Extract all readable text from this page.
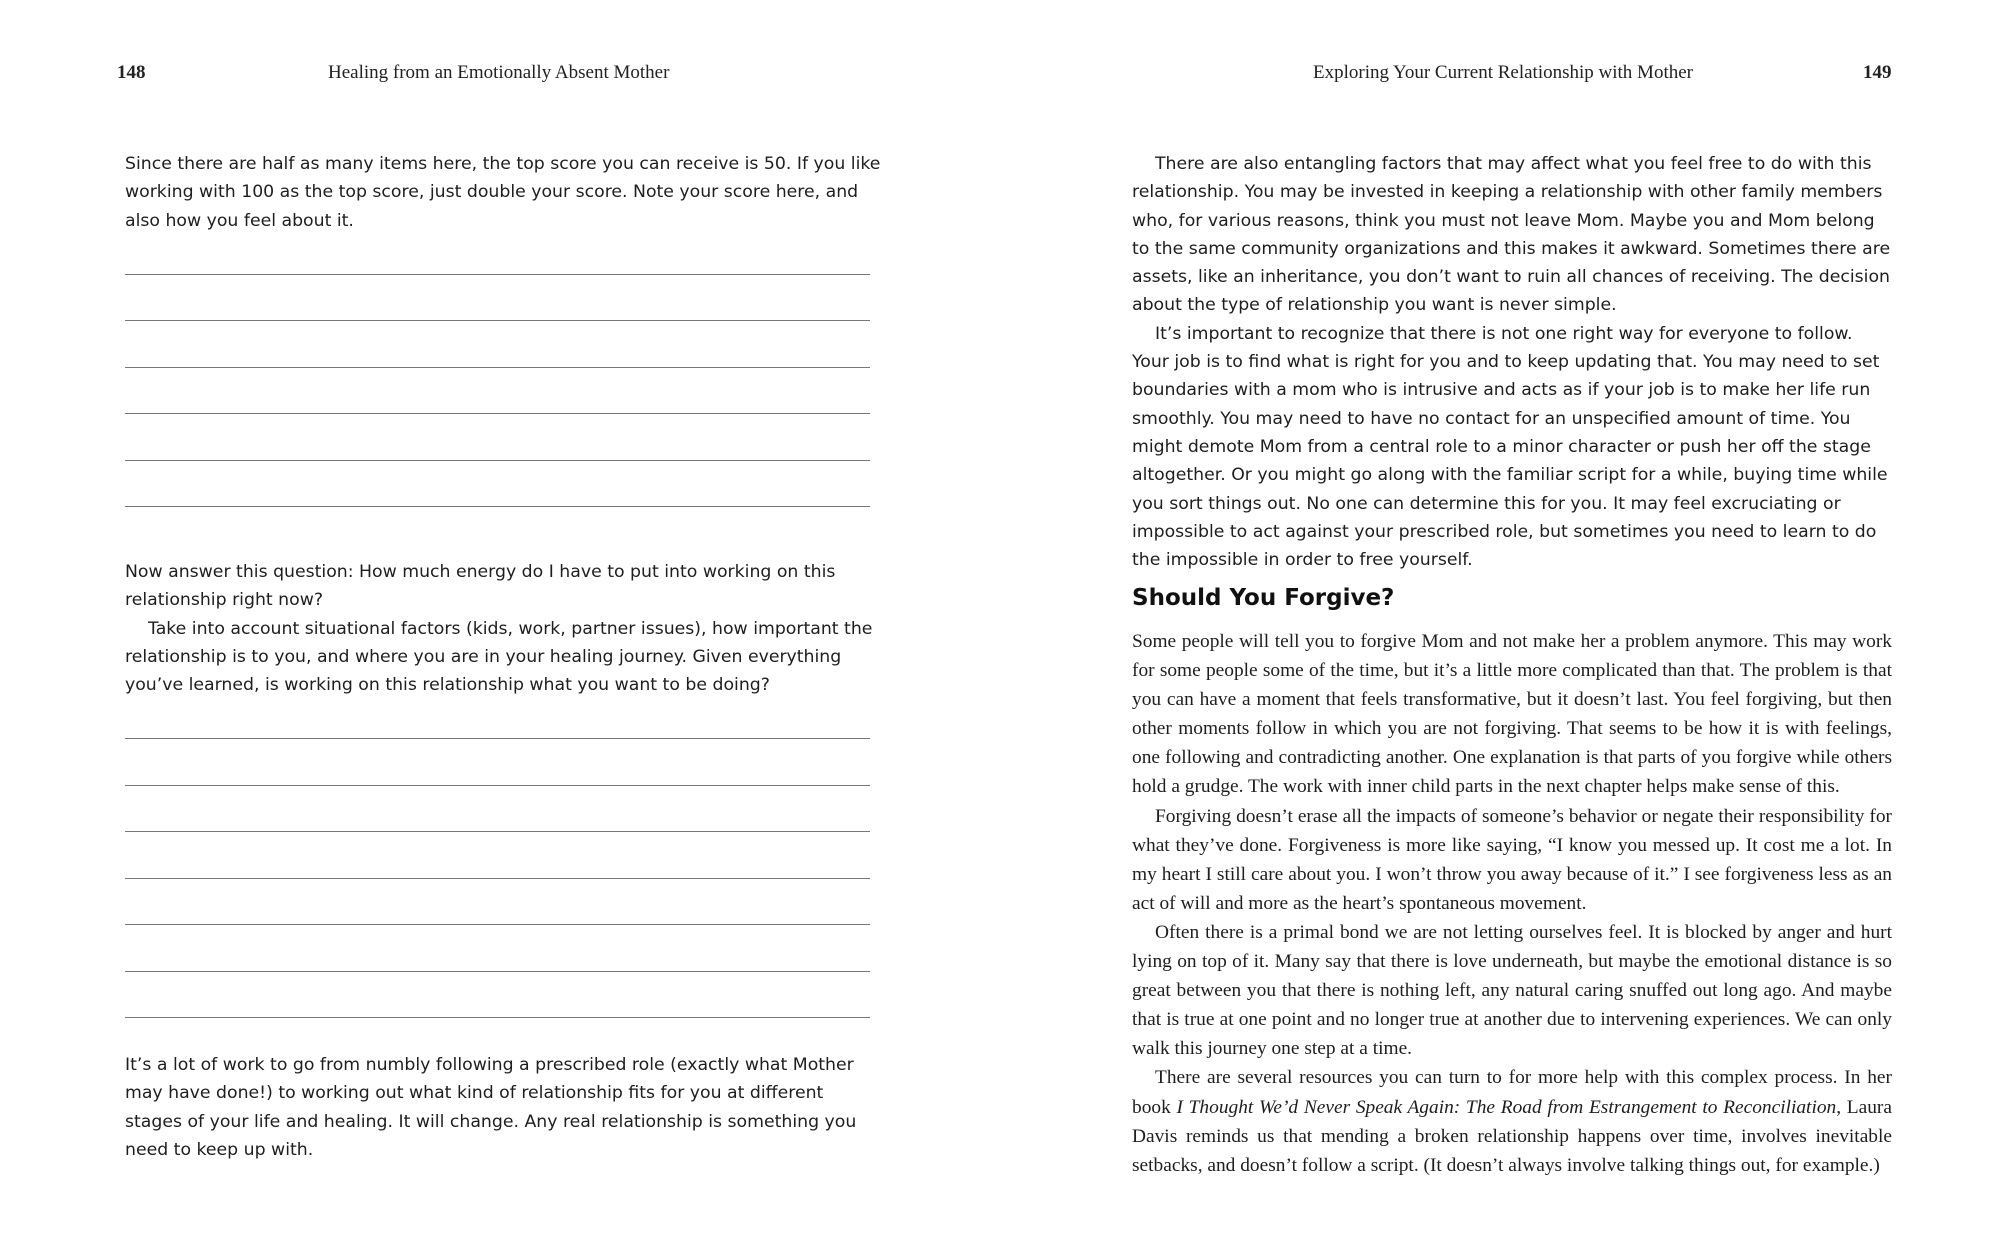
148	Healing from an Emotionally Absent Mother

Since there are half as many items here, the top score you can receive is 50. If you like working with 100 as the top score, just double your score. Note your score here, and also how you feel about it.

Now answer this question: How much energy do I have to put into working on this relationship right now?

Take into account situational factors (kids, work, partner issues), how important the relationship is to you, and where you are in your healing journey. Given everything you’ve learned, is working on this relationship what you want to be doing?

It’s a lot of work to go from numbly following a prescribed role (exactly what Mother may have done!) to working out what kind of relationship fits for you at different stages of your life and healing. It will change. Any real relationship is something you need to keep up with.

Exploring Your Current Relationship with Mother	149

There are also entangling factors that may affect what you feel free to do with this relationship. You may be invested in keeping a relationship with other family members who, for various reasons, think you must not leave Mom. Maybe you and Mom belong to the same community organizations and this makes it awkward. Sometimes there are assets, like an inheritance, you don’t want to ruin all chances of receiving. The decision about the type of relationship you want is never simple.

It’s important to recognize that there is not one right way for everyone to follow. Your job is to find what is right for you and to keep updating that. You may need to set boundaries with a mom who is intrusive and acts as if your job is to make her life run smoothly. You may need to have no contact for an unspecified amount of time. You might demote Mom from a central role to a minor character or push her off the stage altogether. Or you might go along with the familiar script for a while, buying time while you sort things out. No one can determine this for you. It may feel excruciating or impossible to act against your prescribed role, but sometimes you need to learn to do the impossible in order to free yourself.

Should You Forgive?

Some people will tell you to forgive Mom and not make her a problem anymore. This may work for some people some of the time, but it’s a little more complicated than that. The problem is that you can have a moment that feels transformative, but it doesn’t last. You feel forgiving, but then other moments follow in which you are not forgiving. That seems to be how it is with feelings, one following and contradicting another. One explanation is that parts of you forgive while others hold a grudge. The work with inner child parts in the next chapter helps make sense of this.

Forgiving doesn’t erase all the impacts of someone’s behavior or negate their responsibility for what they’ve done. Forgiveness is more like saying, “I know you messed up. It cost me a lot. In my heart I still care about you. I won’t throw you away because of it.” I see forgiveness less as an act of will and more as the heart’s spontaneous movement.

Often there is a primal bond we are not letting ourselves feel. It is blocked by anger and hurt lying on top of it. Many say that there is love underneath, but maybe the emotional distance is so great between you that there is nothing left, any natural caring snuffed out long ago. And maybe that is true at one point and no longer true at another due to intervening experiences. We can only walk this journey one step at a time.

There are several resources you can turn to for more help with this complex process. In her book I Thought We’d Never Speak Again: The Road from Estrangement to Reconciliation, Laura Davis reminds us that mending a broken relationship happens over time, involves inevitable setbacks, and doesn’t follow a script. (It doesn’t always involve talking things out, for example.)
